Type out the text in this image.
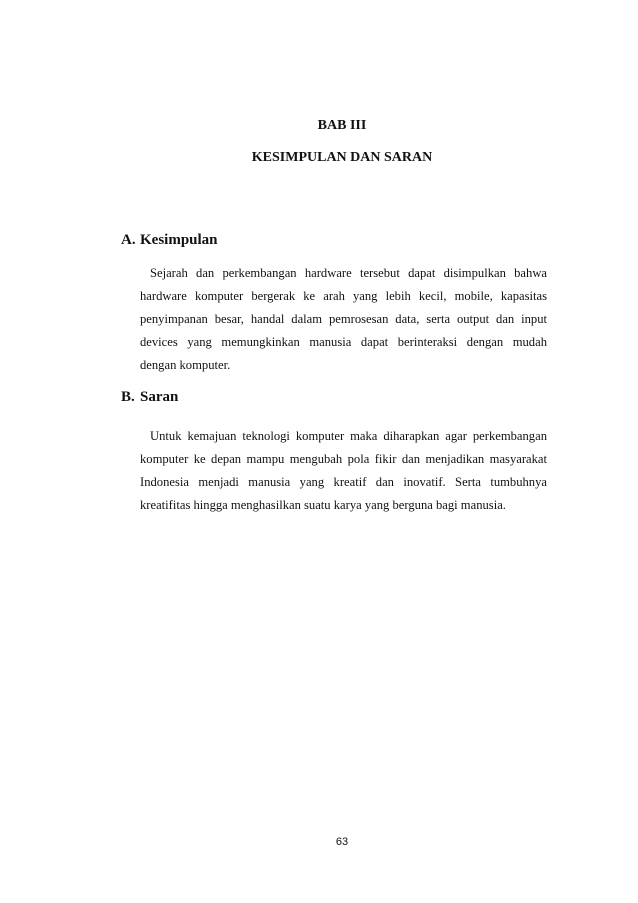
BAB III
KESIMPULAN DAN SARAN
A. Kesimpulan
Sejarah dan perkembangan hardware tersebut dapat disimpulkan bahwa
hardware komputer bergerak ke arah yang lebih kecil, mobile, kapasitas
penyimpanan besar, handal dalam pemrosesan data, serta output dan input
devices yang memungkinkan manusia dapat berinteraksi dengan mudah
dengan komputer.
B. Saran
Untuk kemajuan teknologi komputer maka diharapkan agar perkembangan
komputer ke depan mampu mengubah pola fikir dan menjadikan masyarakat
Indonesia menjadi manusia yang kreatif dan inovatif. Serta tumbuhnya
kreatifitas hingga menghasilkan suatu karya yang berguna bagi manusia.
63
